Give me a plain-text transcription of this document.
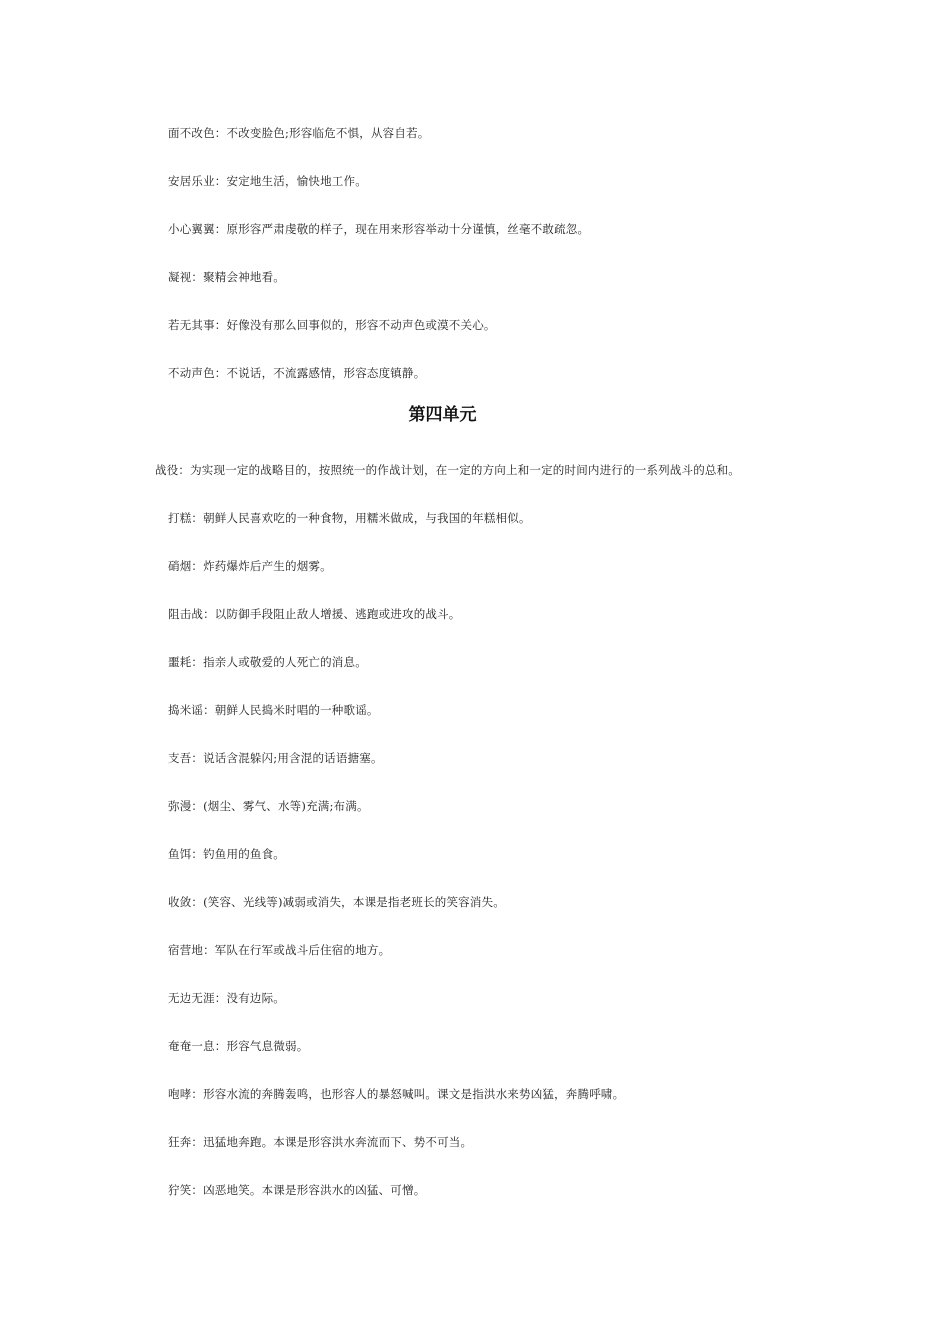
面不改色：不改变脸色;形容临危不惧，从容自若。
安居乐业：安定地生活，愉快地工作。
小心翼翼：原形容严肃虔敬的样子，现在用来形容举动十分谨慎，丝毫不敢疏忽。
凝视：聚精会神地看。
若无其事：好像没有那么回事似的，形容不动声色或漠不关心。
不动声色：不说话，不流露感情，形容态度镇静。
第四单元
战役：为实现一定的战略目的，按照统一的作战计划，在一定的方向上和一定的时间内进行的一系列战斗的总和。
打糕：朝鲜人民喜欢吃的一种食物，用糯米做成，与我国的年糕相似。
硝烟：炸药爆炸后产生的烟雾。
阻击战：以防御手段阻止敌人增援、逃跑或进攻的战斗。
噩耗：指亲人或敬爱的人死亡的消息。
捣米谣：朝鲜人民捣米时唱的一种歌谣。
支吾：说话含混躲闪;用含混的话语搪塞。
弥漫：(烟尘、雾气、水等)充满;布满。
鱼饵：钓鱼用的鱼食。
收敛：(笑容、光线等)减弱或消失，本课是指老班长的笑容消失。
宿营地：军队在行军或战斗后住宿的地方。
无边无涯：没有边际。
奄奄一息：形容气息微弱。
咆哮：形容水流的奔腾轰鸣，也形容人的暴怒喊叫。课文是指洪水来势凶猛，奔腾呼啸。
狂奔：迅猛地奔跑。本课是形容洪水奔流而下、势不可当。
狞笑：凶恶地笑。本课是形容洪水的凶猛、可憎。
